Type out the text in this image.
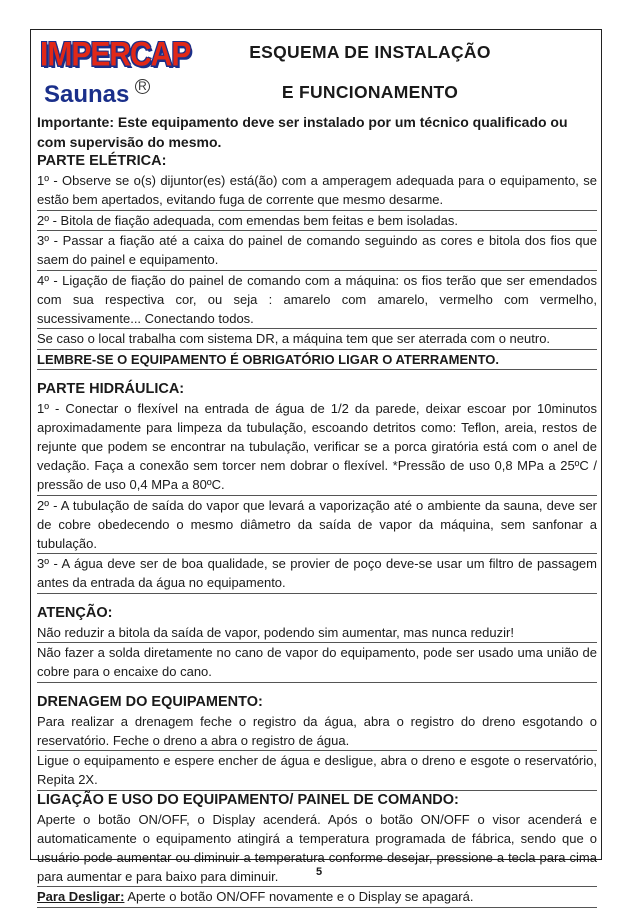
IMPERCAP
Saunas R
ESQUEMA DE INSTALAÇÃO
E FUNCIONAMENTO
Importante: Este equipamento deve ser instalado por um técnico qualificado ou com supervisão do mesmo.
PARTE ELÉTRICA:
1º - Observe se o(s) dijuntor(es) está(ão) com a amperagem adequada para o equipamento, se estão bem apertados, evitando fuga de corrente que mesmo desarme.
2º - Bitola de fiação adequada, com emendas bem feitas e bem isoladas.
3º - Passar a fiação até a caixa do painel de comando seguindo as cores e bitola dos fios que saem do painel e equipamento.
4º - Ligação de fiação do painel de comando com a máquina: os fios terão que ser emendados com sua respectiva cor, ou seja : amarelo com amarelo, vermelho com vermelho, sucessivamente... Conectando todos.
Se caso o local trabalha com sistema DR, a máquina tem que ser aterrada com o neutro.
LEMBRE-SE O EQUIPAMENTO É OBRIGATÓRIO LIGAR O ATERRAMENTO.
PARTE HIDRÁULICA:
1º - Conectar o flexível na entrada de água de 1/2 da parede, deixar escoar por 10minutos aproximadamente para limpeza da tubulação, escoando detritos como: Teflon, areia, restos de rejunte que podem se encontrar na tubulação, verificar se a porca giratória está com o anel de vedação. Faça a conexão sem torcer nem dobrar o flexível. *Pressão de uso 0,8 MPa a 25ºC / pressão de uso 0,4 MPa a 80ºC.
2º - A tubulação de saída do vapor que levará a vaporização até o ambiente da sauna, deve ser de cobre obedecendo o mesmo diâmetro da saída de vapor da máquina, sem sanfonar a tubulação.
3º - A água deve ser de boa qualidade, se provier de poço deve-se usar um filtro de passagem antes da entrada da água no equipamento.
ATENÇÃO:
Não reduzir a bitola da saída de vapor, podendo sim aumentar, mas nunca reduzir!
Não fazer a solda diretamente no cano de vapor do equipamento, pode ser usado uma união de cobre para o encaixe do cano.
DRENAGEM DO EQUIPAMENTO:
Para realizar a drenagem feche o registro da água, abra o registro do dreno esgotando o reservatório. Feche o dreno a abra o registro de água.
Ligue o equipamento e espere encher de água e desligue, abra o dreno e esgote o reservatório, Repita 2X.
LIGAÇÃO E USO DO EQUIPAMENTO/ PAINEL DE COMANDO:
Aperte o botão ON/OFF, o Display acenderá. Após o botão ON/OFF o visor acenderá e automaticamente o equipamento atingirá a temperatura programada de fábrica, sendo que o usuário pode aumentar ou diminuir a temperatura conforme desejar, pressione a tecla para cima para aumentar e para baixo para diminuir.
Para Desligar: Aperte o botão ON/OFF novamente e o Display se apagará.
5
